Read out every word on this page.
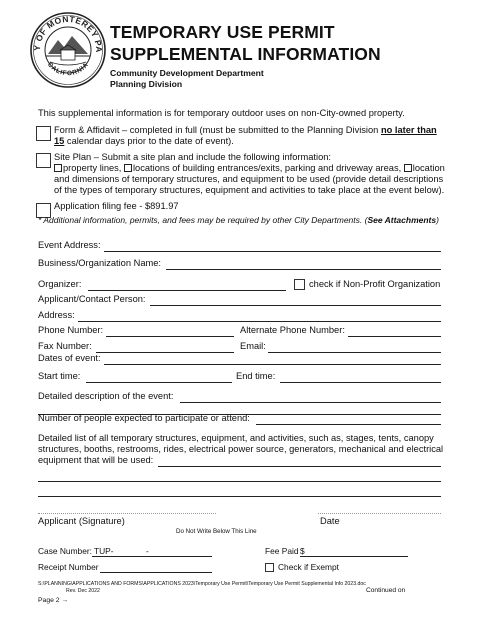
Y OF MONTEREY PA
CALIFORNIA
TEMPORARY USE PERMIT
SUPPLEMENTAL INFORMATION
Community Development Department
Planning Division
This supplemental information is for temporary outdoor uses on non-City-owned property.
Form & Affidavit – completed in full (must be submitted to the Planning Division no later than
15 calendar days prior to the date of event).
Site Plan – Submit a site plan and include the following information:
property lines, locations of building entrances/exits, parking and driveway areas, location
and dimensions of temporary structures, and equipment to be used (provide detail descriptions
of the types of temporary structures, equipment and activities to take place at the event below).
Application filing fee - $891.97
* Additional information, permits, and fees may be required by other City Departments. (See Attachments)
Event Address:
Business/Organization Name:
Organizer:	check if Non-Profit Organization
Applicant/Contact Person:
Address:
Phone Number:	Alternate Phone Number:
Fax Number:	Email:
Dates of event:
Start time:	End time:
Detailed description of the event:
Number of people expected to participate or attend:
Detailed list of all temporary structures, equipment, and activities, such as, stages, tents, canopy
structures, booths, restrooms, rides, electrical power source, generators, mechanical and electrical
equipment that will be used:
Applicant (Signature)	Date
Do Not Write Below This Line
Case Number: TUP-	-	Fee Paid $
Receipt Number	Check if Exempt
S:\PLANNING\APPLICATIONS AND FORMS\APPLICATIONS 2023\Temporary Use Permit\Temporary Use Permit Supplemental Info 2023.doc
Rev. Dec 2022	Continued on
Page 2 →
